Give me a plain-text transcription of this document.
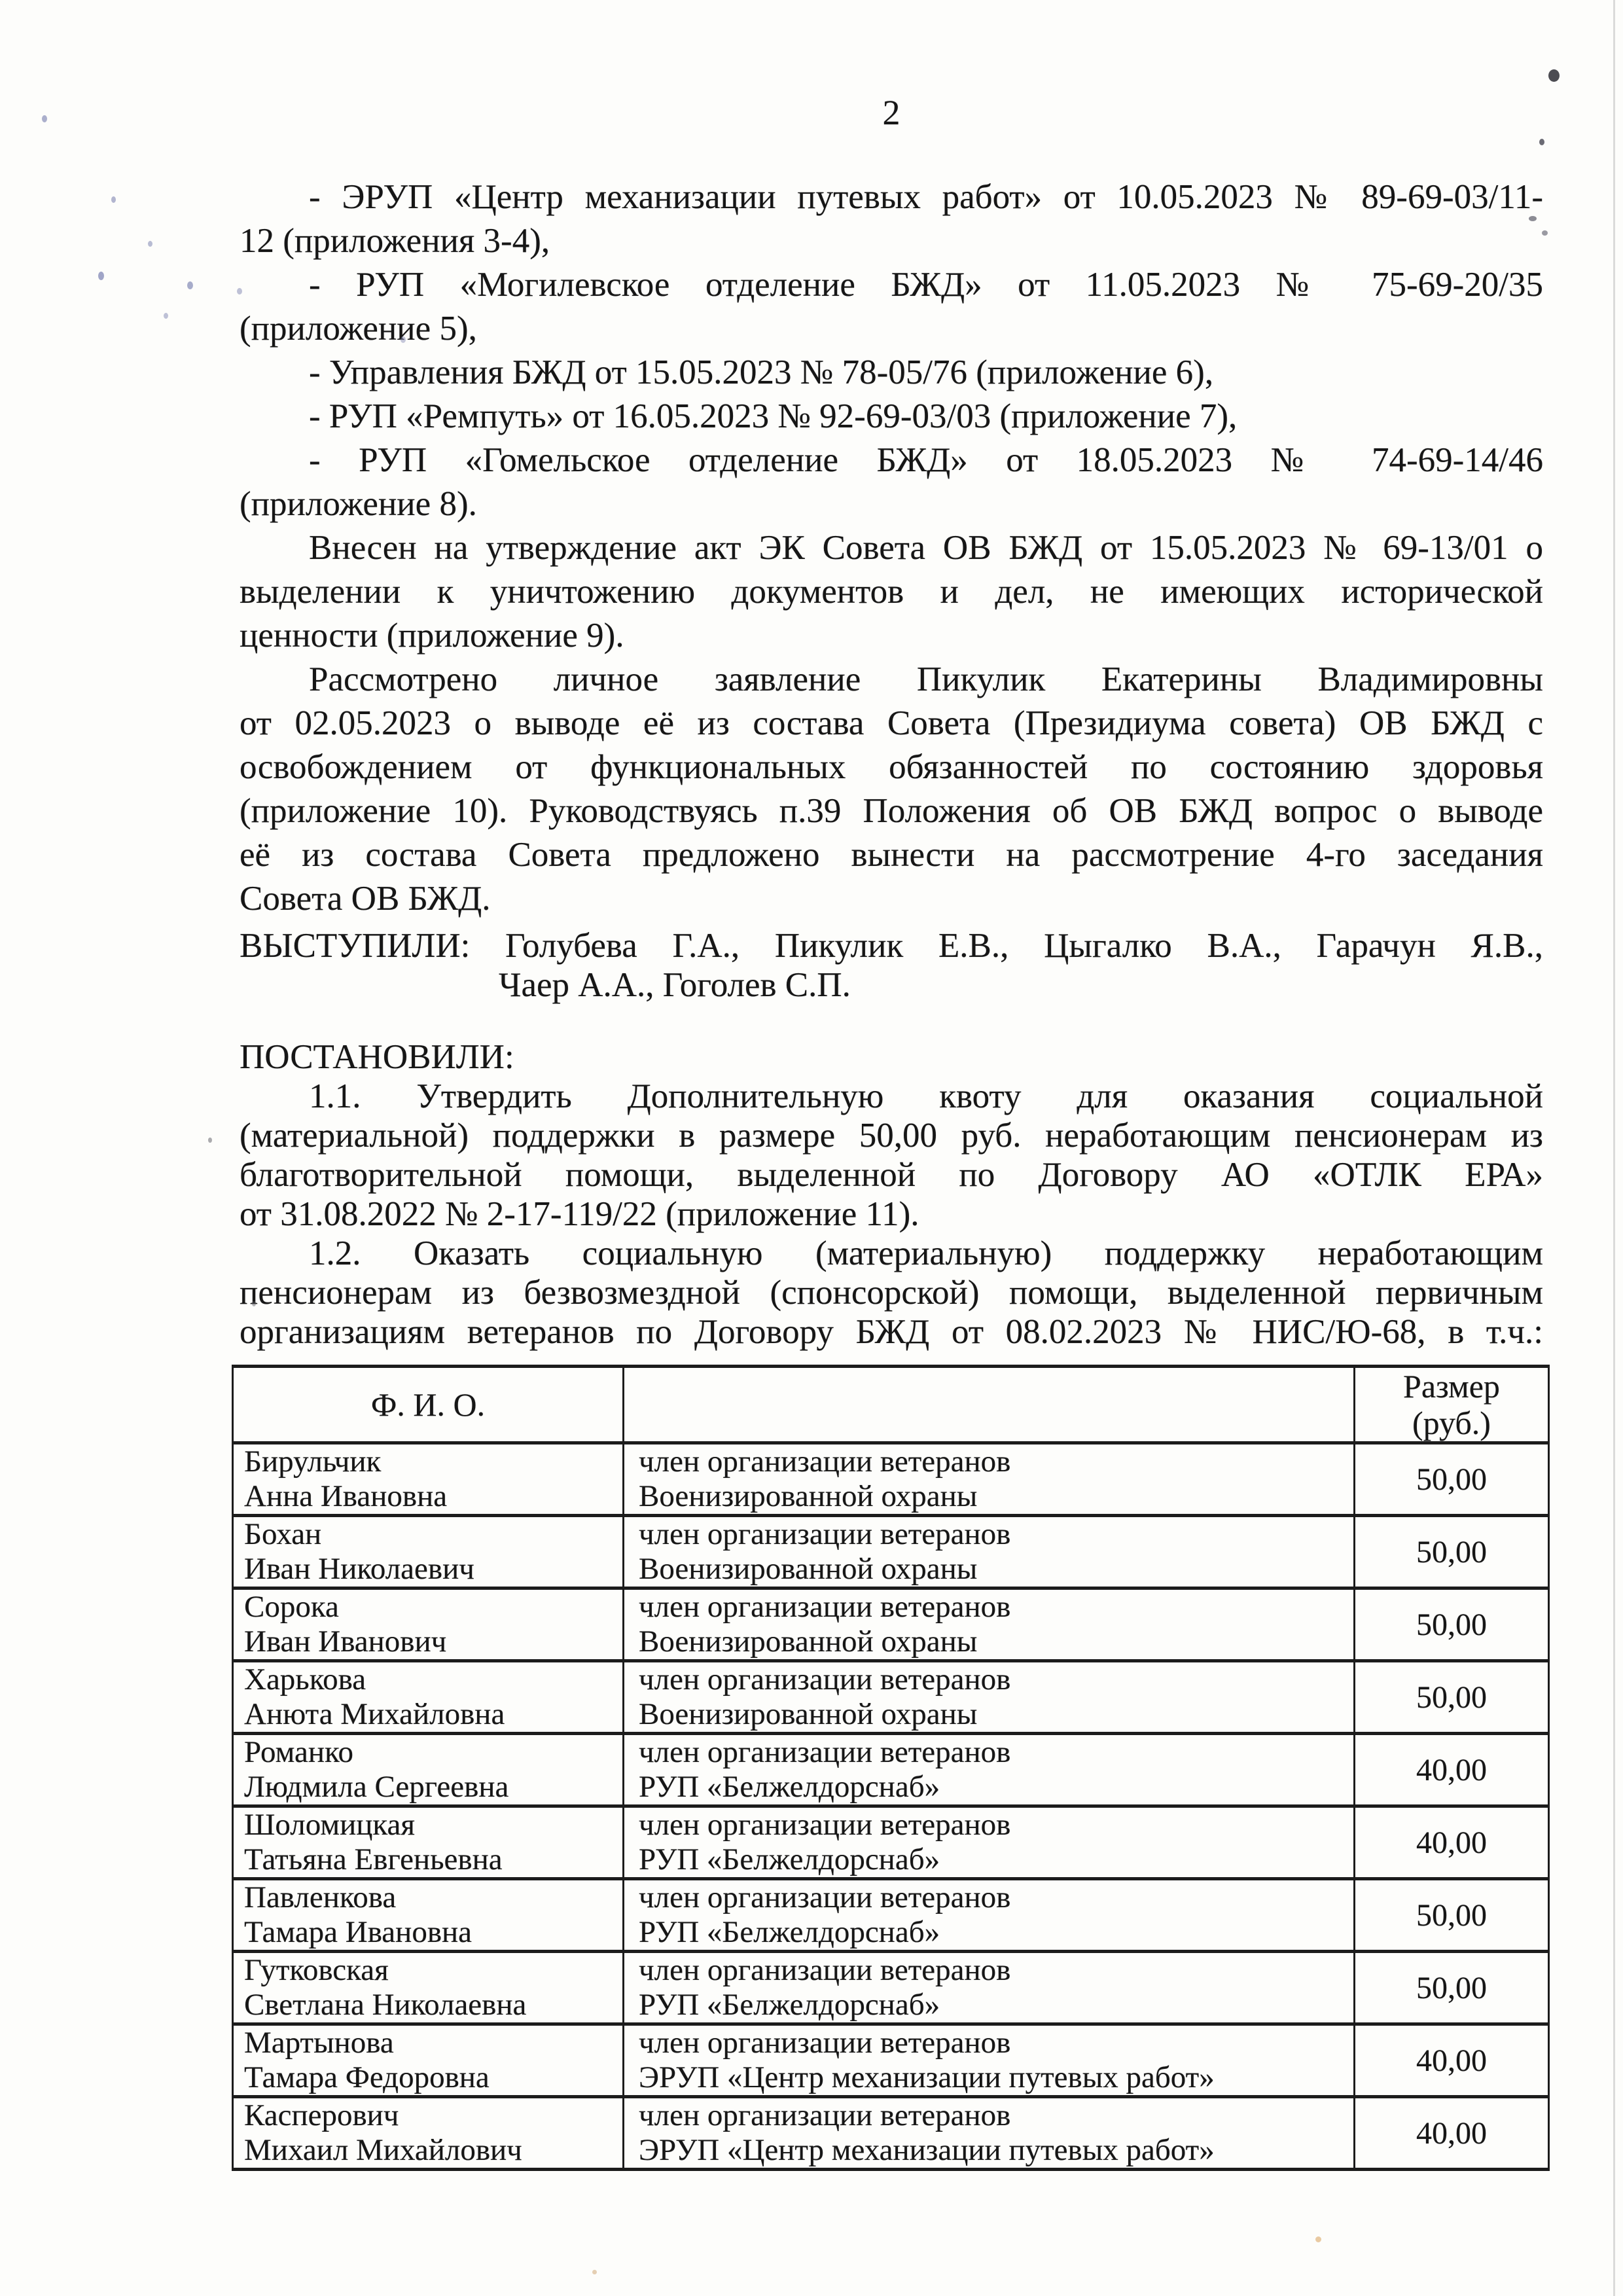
2
- ЭРУП «Центр механизации путевых работ» от 10.05.2023 № 89-69-03/11-
12 (приложения 3-4),
- РУП «Могилевское отделение БЖД» от 11.05.2023 № 75-69-20/35
(приложение 5),
- Управления БЖД от 15.05.2023 № 78-05/76 (приложение 6),
- РУП «Ремпуть» от 16.05.2023 № 92-69-03/03 (приложение 7),
- РУП «Гомельское отделение БЖД» от 18.05.2023 № 74-69-14/46
(приложение 8).
Внесен на утверждение акт ЭК Совета ОВ БЖД от 15.05.2023 № 69-13/01 о
выделении к уничтожению документов и дел, не имеющих исторической
ценности (приложение 9).
Рассмотрено личное заявление Пикулик Екатерины Владимировны
от 02.05.2023 о выводе её из состава Совета (Президиума совета) ОВ БЖД с
освобождением от функциональных обязанностей по состоянию здоровья
(приложение 10). Руководствуясь п.39 Положения об ОВ БЖД вопрос о выводе
её из состава Совета предложено вынести на рассмотрение 4-го заседания
Совета ОВ БЖД.
ВЫСТУПИЛИ: Голубева Г.А., Пикулик Е.В., Цыгалко В.А., Гарачун Я.В.,
Чаер А.А., Гоголев С.П.
ПОСТАНОВИЛИ:
1.1. Утвердить Дополнительную квоту для оказания социальной
(материальной) поддержки в размере 50,00 руб. неработающим пенсионерам из
благотворительной помощи, выделенной по Договору АО «ОТЛК ЕРА»
от 31.08.2022 № 2-17-119/22 (приложение 11).
1.2. Оказать социальную (материальную) поддержку неработающим
пенсионерам из безвозмездной (спонсорской) помощи, выделенной первичным
организациям ветеранов по Договору БЖД от 08.02.2023 № НИС/Ю-68, в т.ч.:
Ф. И. О.		Размер
(руб.)

Бирульчик
Анна Ивановна

член организации ветеранов
Военизированной охраны	50,00

Бохан
Иван Николаевич

член организации ветеранов
Военизированной охраны	50,00

Сорока
Иван Иванович

член организации ветеранов
Военизированной охраны	50,00

Харькова
Анюта Михайловна

член организации ветеранов
Военизированной охраны	50,00

Романко
Людмила Сергеевна

член организации ветеранов
РУП «Белжелдорснаб»	40,00

Шоломицкая
Татьяна Евгеньевна

член организации ветеранов
РУП «Белжелдорснаб»	40,00

Павленкова
Тамара Ивановна

член организации ветеранов
РУП «Белжелдорснаб»	50,00

Гутковская
Светлана Николаевна

член организации ветеранов
РУП «Белжелдорснаб»	50,00

Мартынова
Тамара Федоровна

член организации ветеранов
ЭРУП «Центр механизации путевых работ»	40,00

Касперович
Михаил Михайлович

член организации ветеранов
ЭРУП «Центр механизации путевых работ»	40,00
